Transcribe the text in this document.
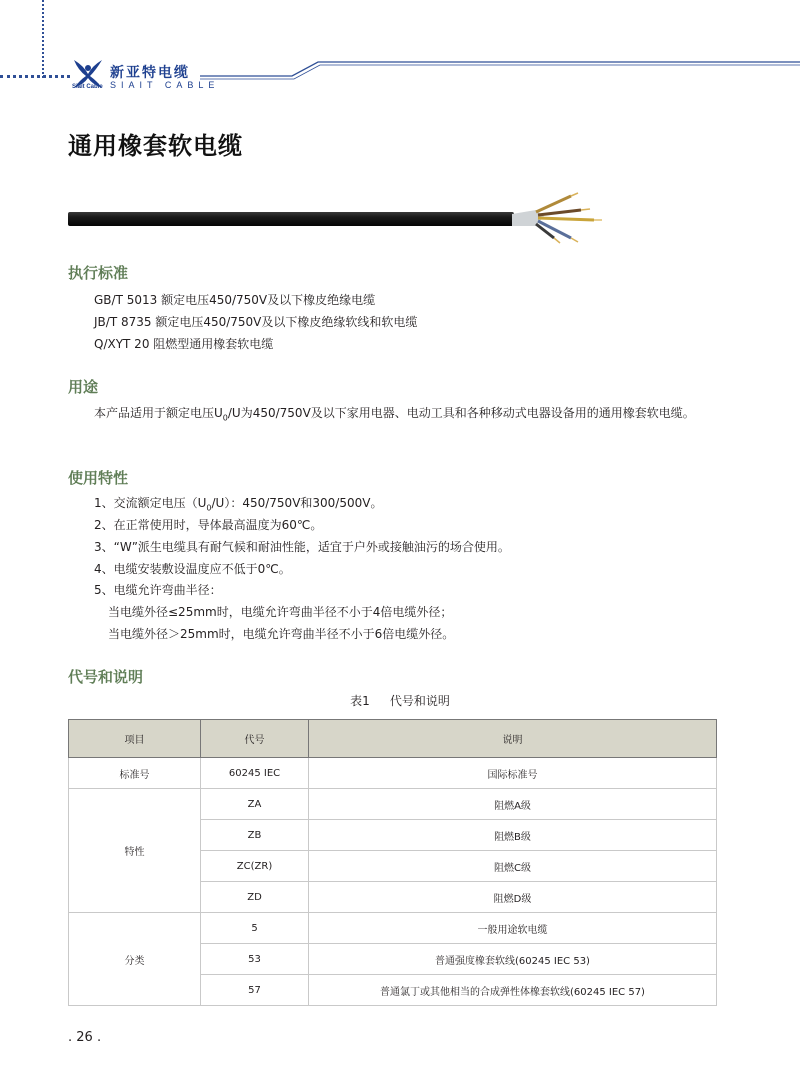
Siait Cable
新亚特电缆
SIAIT CABLE
通用橡套软电缆
执行标准
GB/T 5013 额定电压450/750V及以下橡皮绝缘电缆
JB/T 8735 额定电压450/750V及以下橡皮绝缘软线和软电缆
Q/XYT 20 阻燃型通用橡套软电缆
用途
本产品适用于额定电压$U_0/U$为450/750V及以下家用电器、电动工具和各种移动式电器设备用的通用橡套软电缆。
使用特性
1、交流额定电压$(U_0/U)$：450/750V和300/500V。
2、在正常使用时，导体最高温度为60℃。
3、“W”派生电缆具有耐气候和耐油性能，适宜于户外或接触油污的场合使用。
4、电缆安装敷设温度应不低于0℃。
5、电缆允许弯曲半径：
当电缆外径≤25mm时，电缆允许弯曲半径不小于4倍电缆外径；
当电缆外径＞25mm时，电缆允许弯曲半径不小于6倍电缆外径。
代号和说明
表1 代号和说明
项目	代号	说明
标准号	60245 IEC	国际标准号
特性	ZA	阻燃A级
	ZB	阻燃B级
	ZC(ZR)	阻燃C级
	ZD	阻燃D级
分类	5	一般用途软电缆
	53	普通强度橡套软线(60245 IEC 53)
	57	普通氯丁或其他相当的合成弹性体橡套软线(60245 IEC 57)
. 26 .
